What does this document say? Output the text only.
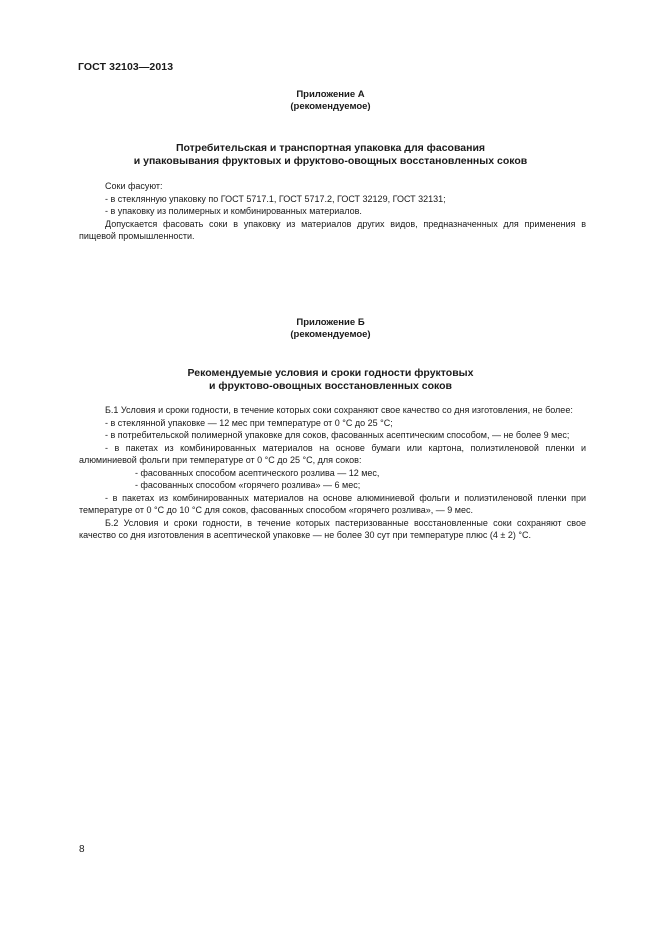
ГОСТ 32103—2013
Приложение А
(рекомендуемое)
Потребительская и транспортная упаковка для фасования
и упаковывания фруктовых и фруктово-овощных восстановленных соков

Соки фасуют:

- в стеклянную упаковку по ГОСТ 5717.1, ГОСТ 5717.2, ГОСТ 32129, ГОСТ 32131;

- в упаковку из полимерных и комбинированных материалов.

Допускается фасовать соки в упаковку из материалов других видов, предназначенных для применения в пищевой промышленности.

Приложение Б
(рекомендуемое)
Рекомендуемые условия и сроки годности фруктовых
и фруктово-овощных восстановленных соков

Б.1 Условия и сроки годности, в течение которых соки сохраняют свое качество со дня изготовления, не более:

- в стеклянной упаковке — 12 мес при температуре от 0 °С до 25 °С;

- в потребительской полимерной упаковке для соков, фасованных асептическим способом, — не более 9 мес;

- в пакетах из комбинированных материалов на основе бумаги или картона, полиэтиленовой пленки и алюминиевой фольги при температуре от 0 °С до 25 °С, для соков:

- фасованных способом асептического розлива — 12 мес,

- фасованных способом «горячего розлива» — 6 мес;

- в пакетах из комбинированных материалов на основе алюминиевой фольги и полиэтиленовой пленки при температуре от 0 °С до 10 °С для соков, фасованных способом «горячего розлива», — 9 мес.

Б.2 Условия и сроки годности, в течение которых пастеризованные восстановленные соки сохраняют свое качество со дня изготовления в асептической упаковке — не более 30 сут при температуре плюс (4 ± 2) °С.

8
